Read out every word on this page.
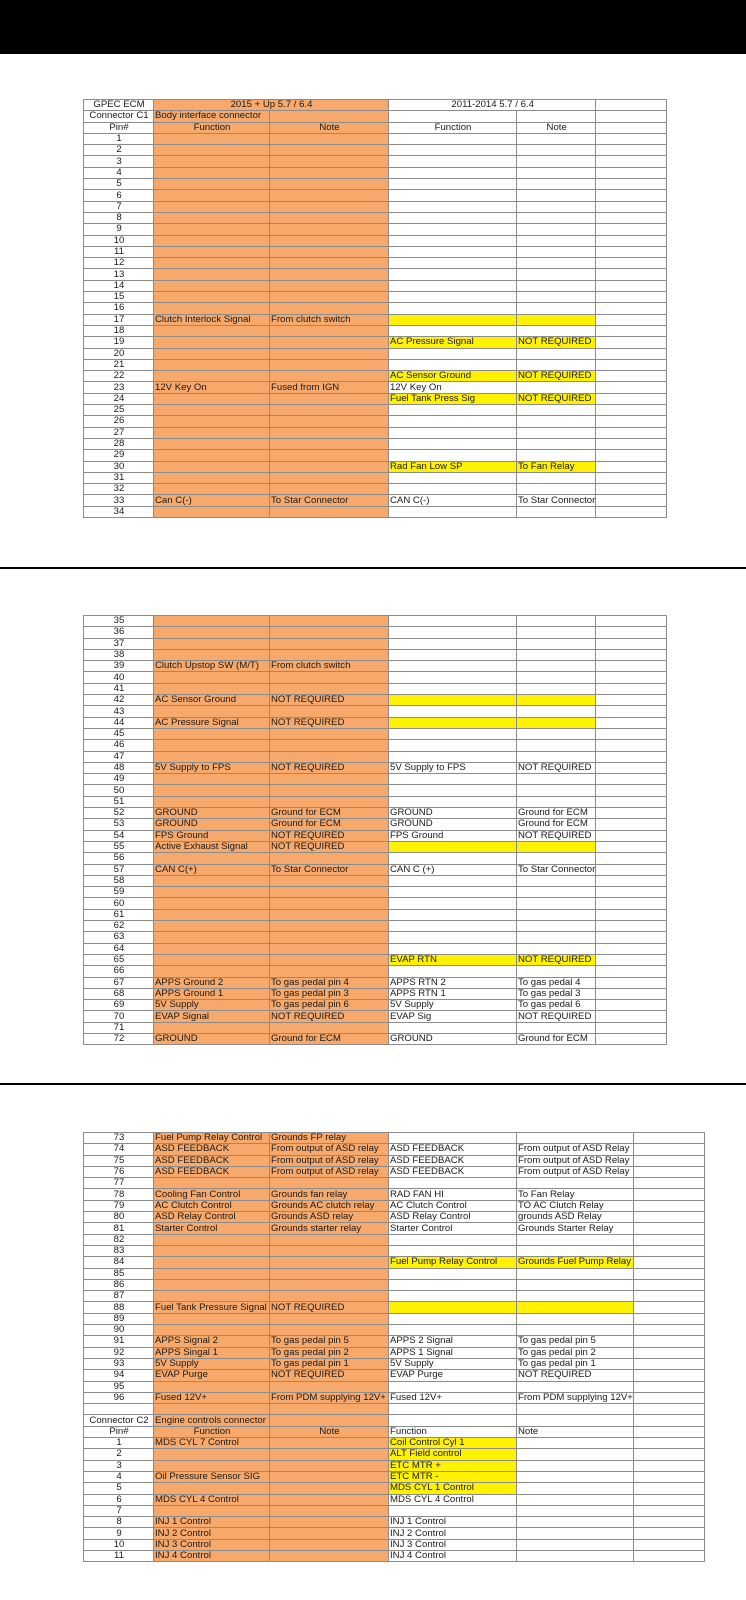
GPEC ECM	2015 + Up 5.7 / 6.4		2011-2014 5.7 / 6.4		
Connector C1	Body interface connector				
Pin#	Function	Note	Function	Note	
1					
2					
3					
4					
5					
6					
7					
8					
9					
10					
11					
12					
13					
14					
15					
16					
17	Clutch Interlock Signal	From clutch switch			
18					
19			AC Pressure Signal	NOT REQUIRED	
20					
21					
22			AC Sensor Ground	NOT REQUIRED	
23	12V Key On	Fused from IGN	12V Key On		
24			Fuel Tank Press Sig	NOT REQUIRED	
25					
26					
27					
28					
29					
30			Rad Fan Low SP	To Fan Relay	
31					
32					
33	Can C(-)	To Star Connector	CAN C(-)	To Star Connector	
34					
35					
36					
37					
38					
39	Clutch Upstop SW (M/T)	From clutch switch			
40					
41					
42	AC Sensor Ground	NOT REQUIRED			
43					
44	AC Pressure Signal	NOT REQUIRED			
45					
46					
47					
48	5V Supply to FPS	NOT REQUIRED	5V Supply to FPS	NOT REQUIRED	
49					
50					
51					
52	GROUND	Ground for ECM	GROUND	Ground for ECM	
53	GROUND	Ground for ECM	GROUND	Ground for ECM	
54	FPS Ground	NOT REQUIRED	FPS Ground	NOT REQUIRED	
55	Active Exhaust Signal	NOT REQUIRED			
56					
57	CAN C(+)	To Star Connector	CAN C (+)	To Star Connector	
58					
59					
60					
61					
62					
63					
64					
65			EVAP RTN	NOT REQUIRED	
66					
67	APPS Ground 2	To gas pedal pin 4	APPS RTN 2	To gas pedal 4	
68	APPS Ground 1	To gas pedal pin 3	APPS RTN 1	To gas pedal 3	
69	5V Supply	To gas pedal pin 6	5V Supply	To gas pedal 6	
70	EVAP Signal	NOT REQUIRED	EVAP Sig	NOT REQUIRED	
71					
72	GROUND	Ground for ECM	GROUND	Ground for ECM	
73	Fuel Pump Relay Control	Grounds FP relay			
74	ASD FEEDBACK	From output of ASD relay	ASD FEEDBACK	From output of ASD Relay	
75	ASD FEEDBACK	From output of ASD relay	ASD FEEDBACK	From output of ASD Relay	
76	ASD FEEDBACK	From output of ASD relay	ASD FEEDBACK	From output of ASD Relay	
77					
78	Cooling Fan Control	Grounds fan relay	RAD FAN HI	To Fan Relay	
79	AC Clutch Control	Grounds AC clutch relay	AC Clutch Control	TO AC Clutch Relay	
80	ASD Relay Control	Grounds ASD relay	ASD Relay Control	grounds ASD Relay	
81	Starter Control	Grounds starter relay	Starter Control	Grounds Starter Relay	
82					
83					
84			Fuel Pump Relay Control	Grounds Fuel Pump Relay	
85					
86					
87					
88	Fuel Tank Pressure Signal	NOT REQUIRED			
89					
90					
91	APPS Signal 2	To gas pedal pin 5	APPS 2 Signal	To gas pedal pin 5	
92	APPS Singal 1	To gas pedal pin 2	APPS 1 Signal	To gas pedal pin 2	
93	5V Supply	To gas pedal pin 1	5V Supply	To gas pedal pin 1	
94	EVAP Purge	NOT REQUIRED	EVAP Purge	NOT REQUIRED	
95					
96	Fused 12V+	From PDM supplying 12V+	Fused 12V+	From PDM supplying 12V+	

Connector C2	Engine controls connector				
Pin#	Function	Note	Function	Note	
1	MDS CYL 7 Control		Coil Control Cyl 1		
2			ALT Field control		
3			ETC MTR +		
4	Oil Pressure Sensor SIG		ETC MTR -		
5			MDS CYL 1 Control		
6	MDS CYL 4 Control		MDS CYL 4 Control		
7					
8	INJ 1 Control		INJ 1 Control		
9	INJ 2 Control		INJ 2 Control		
10	INJ 3 Control		INJ 3 Control		
11	INJ 4 Control		INJ 4 Control		
